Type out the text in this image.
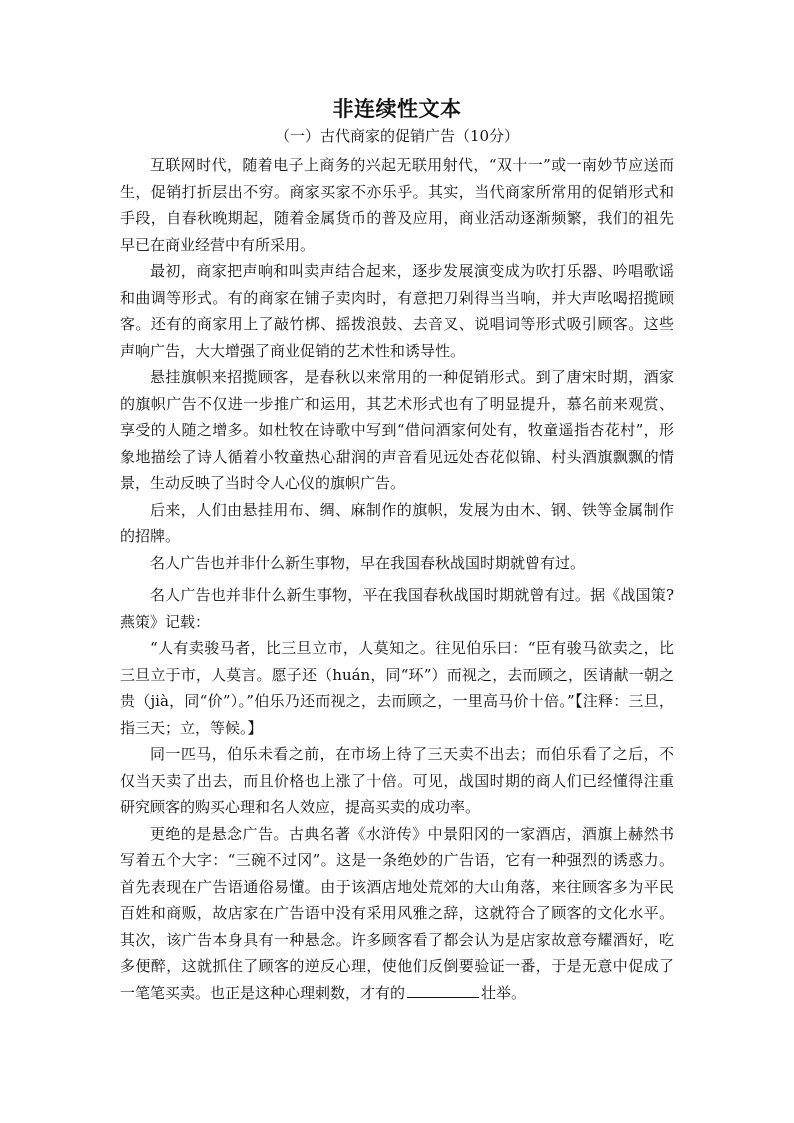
非连续性文本

（一）古代商家的促销广告（10分）

互联网时代，随着电子上商务的兴起无联用射代，“双十一”或一南妙节应送而生，促销打折层出不穷。商家买家不亦乐乎。其实，当代商家所常用的促销形式和手段，自春秋晚期起，随着金属货币的普及应用，商业活动逐渐频繁，我们的祖先早已在商业经营中有所采用。

最初，商家把声响和叫卖声结合起来，逐步发展演变成为吹打乐器、吟唱歌谣和曲调等形式。有的商家在铺子卖肉时，有意把刀剁得当当响，并大声吆喝招揽顾客。还有的商家用上了敲竹梆、摇拨浪鼓、去音叉、说唱词等形式吸引顾客。这些声响广告，大大增强了商业促销的艺术性和诱导性。

悬挂旗帜来招揽顾客，是春秋以来常用的一种促销形式。到了唐宋时期，酒家的旗帜广告不仅进一步推广和运用，其艺术形式也有了明显提升，慕名前来观赏、享受的人随之增多。如杜牧在诗歌中写到“借问酒家何处有，牧童遥指杏花村”，形象地描绘了诗人循着小牧童热心甜润的声音看见远处杏花似锦、村头酒旗飘飘的情景，生动反映了当时令人心仪的旗帜广告。

后来，人们由悬挂用布、绸、麻制作的旗帜，发展为由木、钢、铁等金属制作的招牌。

名人广告也并非什么新生事物，早在我国春秋战国时期就曾有过。

名人广告也并非什么新生事物，平在我国春秋战国时期就曾有过。据《战国策?燕策》记载：

“人有卖骏马者，比三旦立市，人莫知之。往见伯乐曰：“臣有骏马欲卖之，比三旦立于市，人莫言。愿子还（huán，同“环”）而视之，去而顾之，医请献一朝之贵（jià，同“价”）。”伯乐乃还而视之，去而顾之，一里高马价十倍。”【注释：三旦，指三天；立，等候。】

同一匹马，伯乐未看之前，在市场上待了三天卖不出去；而伯乐看了之后，不仅当天卖了出去，而且价格也上涨了十倍。可见，战国时期的商人们已经懂得注重研究顾客的购买心理和名人效应，提高买卖的成功率。

更绝的是悬念广告。古典名著《水浒传》中景阳冈的一家酒店，酒旗上赫然书写着五个大字：“三碗不过冈”。这是一条绝妙的广告语，它有一种强烈的诱惑力。首先表现在广告语通俗易懂。由于该酒店地处荒郊的大山角落，来往顾客多为平民百姓和商贩，故店家在广告语中没有采用风雅之辞，这就符合了顾客的文化水平。其次，该广告本身具有一种悬念。许多顾客看了都会认为是店家故意夸耀酒好，吃多便醉，这就抓住了顾客的逆反心理，使他们反倒要验证一番，于是无意中促成了一笔笔买卖。也正是这种心理刺数，才有的	壮举。
